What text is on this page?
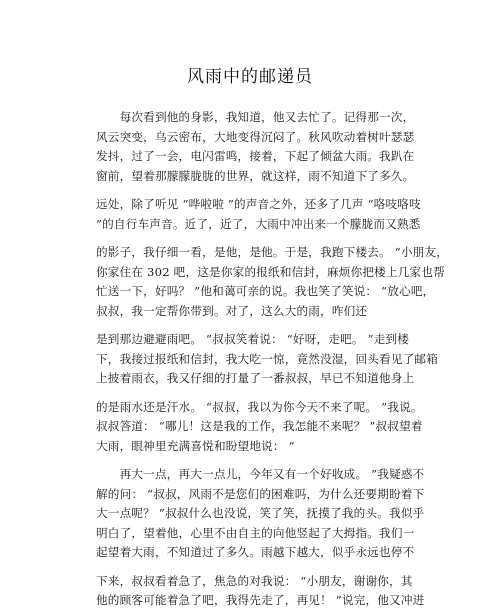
风雨中的邮递员
　　每次看到他的身影，我知道，他又去忙了。记得那一次，
风云突变，乌云密布，大地变得沉闷了。秋风吹动着树叶瑟瑟
发抖，过了一会，电闪雷鸣，接着，下起了倾盆大雨。我趴在
窗前，望着那朦朦胧胧的世界，就这样，雨不知道下了多久。
远处，除了听见 “哗啦啦 ”的声音之外，还多了几声 “咯吱咯吱
”的自行车声音。近了，近了，大雨中冲出来一个朦胧而又熟悉
的影子，我仔细一看，是他，是他。于是，我跑下楼去。 “小朋友，
你家住在 302 吧，这是你家的报纸和信封，麻烦你把楼上几家也帮
忙送一下，好吗？ ”他和蔼可亲的说。我也笑了笑说： “放心吧，
叔叔，我一定帮你带到。对了，这么大的雨，咋们还
是到那边避避雨吧。 ”叔叔笑着说： “好呀，走吧。 ”走到楼
下，我接过报纸和信封，我大吃一惊，竟然没湿，回头看见了邮箱
上披着雨衣，我又仔细的打量了一番叔叔，早已不知道他身上
的是雨水还是汗水。 “叔叔，我以为你今天不来了呢。 ”我说。
叔叔答道： “哪儿！这是我的工作，我怎能不来呢？ ”叔叔望着
大雨，眼神里充满喜悦和盼望地说： “
　　再大一点，再大一点儿，今年又有一个好收成。 ”我疑惑不
解的问： “叔叔，风雨不是您们的困难吗，为什么还要期盼着下
大一点呢？ ”叔叔什么也没说，笑了笑，抚摸了我的头。我似乎
明白了，望着他，心里不由自主的向他竖起了大拇指。我们一
起望着大雨，不知道过了多久。雨越下越大，似乎永远也停不
下来，叔叔看着急了，焦急的对我说： “小朋友，谢谢你，其
他的顾客可能着急了吧，我得先走了，再见！ ”说完，他又冲进
